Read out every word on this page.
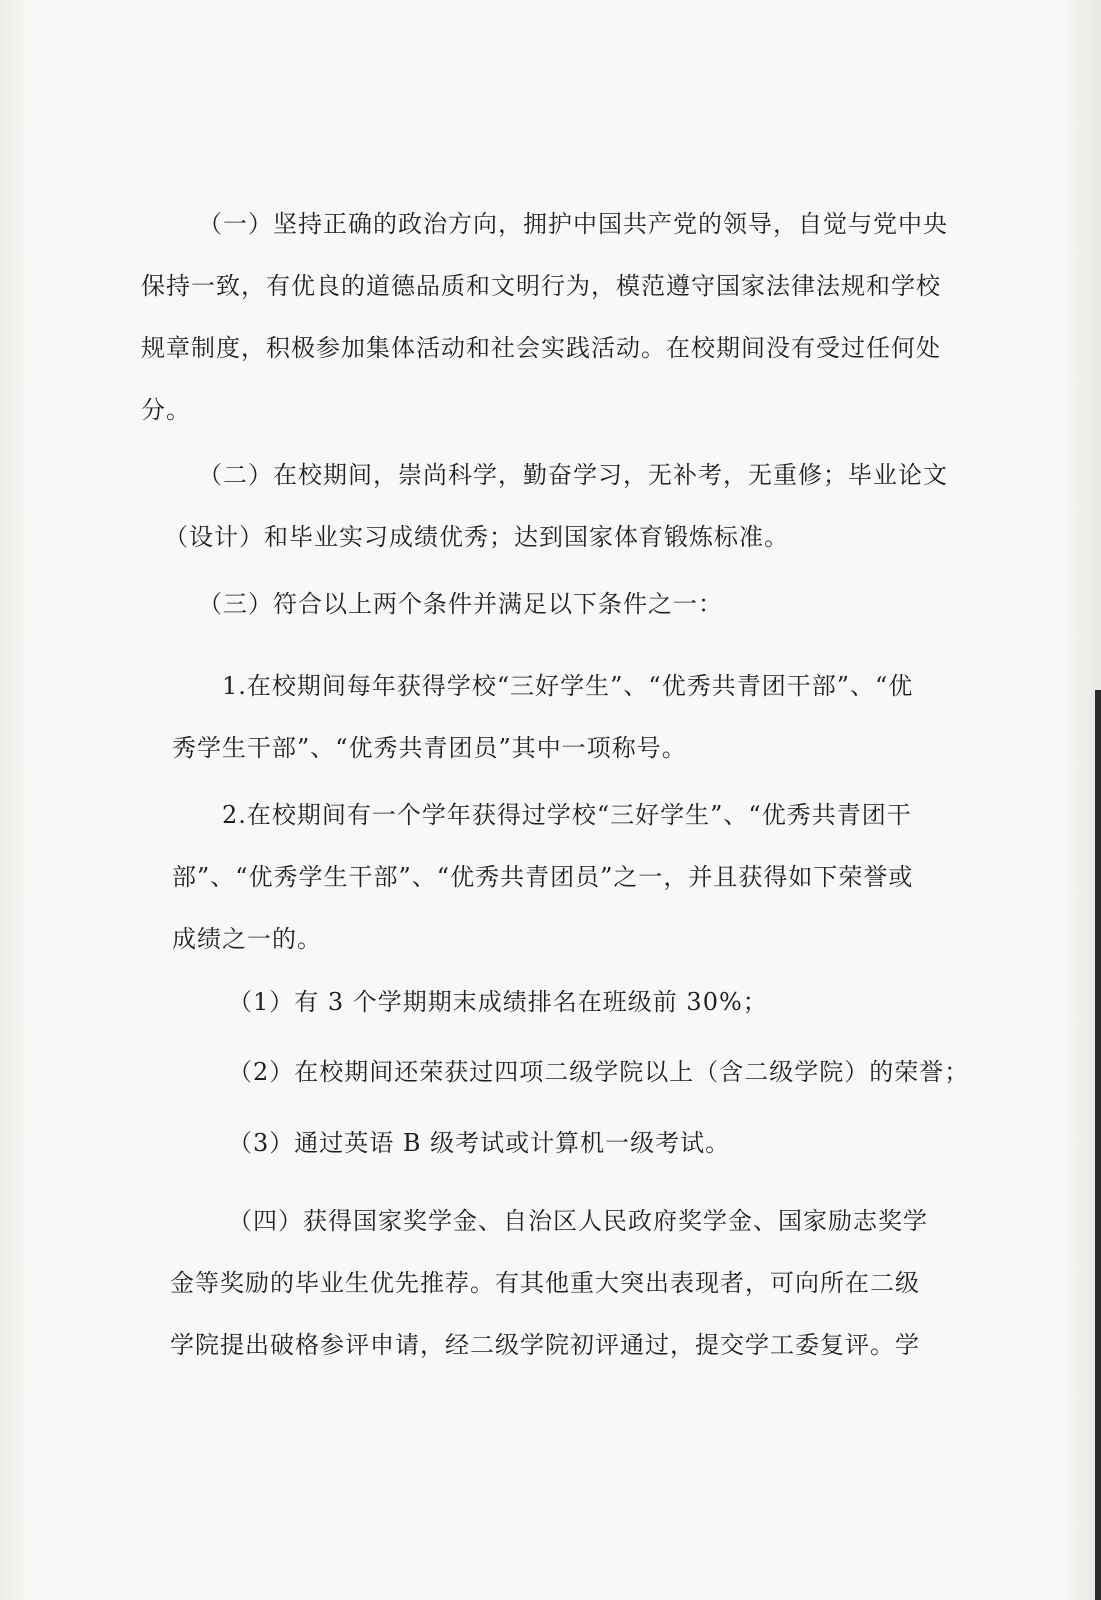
（一）坚持正确的政治方向，拥护中国共产党的领导，自觉与党中央
保持一致，有优良的道德品质和文明行为，模范遵守国家法律法规和学校
规章制度，积极参加集体活动和社会实践活动。在校期间没有受过任何处
分。
（二）在校期间，崇尚科学，勤奋学习，无补考，无重修；毕业论文
（设计）和毕业实习成绩优秀；达到国家体育锻炼标准。
（三）符合以上两个条件并满足以下条件之一：
1.在校期间每年获得学校“三好学生”、“优秀共青团干部”、“优
秀学生干部”、“优秀共青团员”其中一项称号。
2.在校期间有一个学年获得过学校“三好学生”、“优秀共青团干
部”、“优秀学生干部”、“优秀共青团员”之一，并且获得如下荣誉或
成绩之一的。
（1）有 3 个学期期末成绩排名在班级前 30%；
（2）在校期间还荣获过四项二级学院以上（含二级学院）的荣誉；
（3）通过英语 B 级考试或计算机一级考试。
（四）获得国家奖学金、自治区人民政府奖学金、国家励志奖学
金等奖励的毕业生优先推荐。有其他重大突出表现者，可向所在二级
学院提出破格参评申请，经二级学院初评通过，提交学工委复评。学
